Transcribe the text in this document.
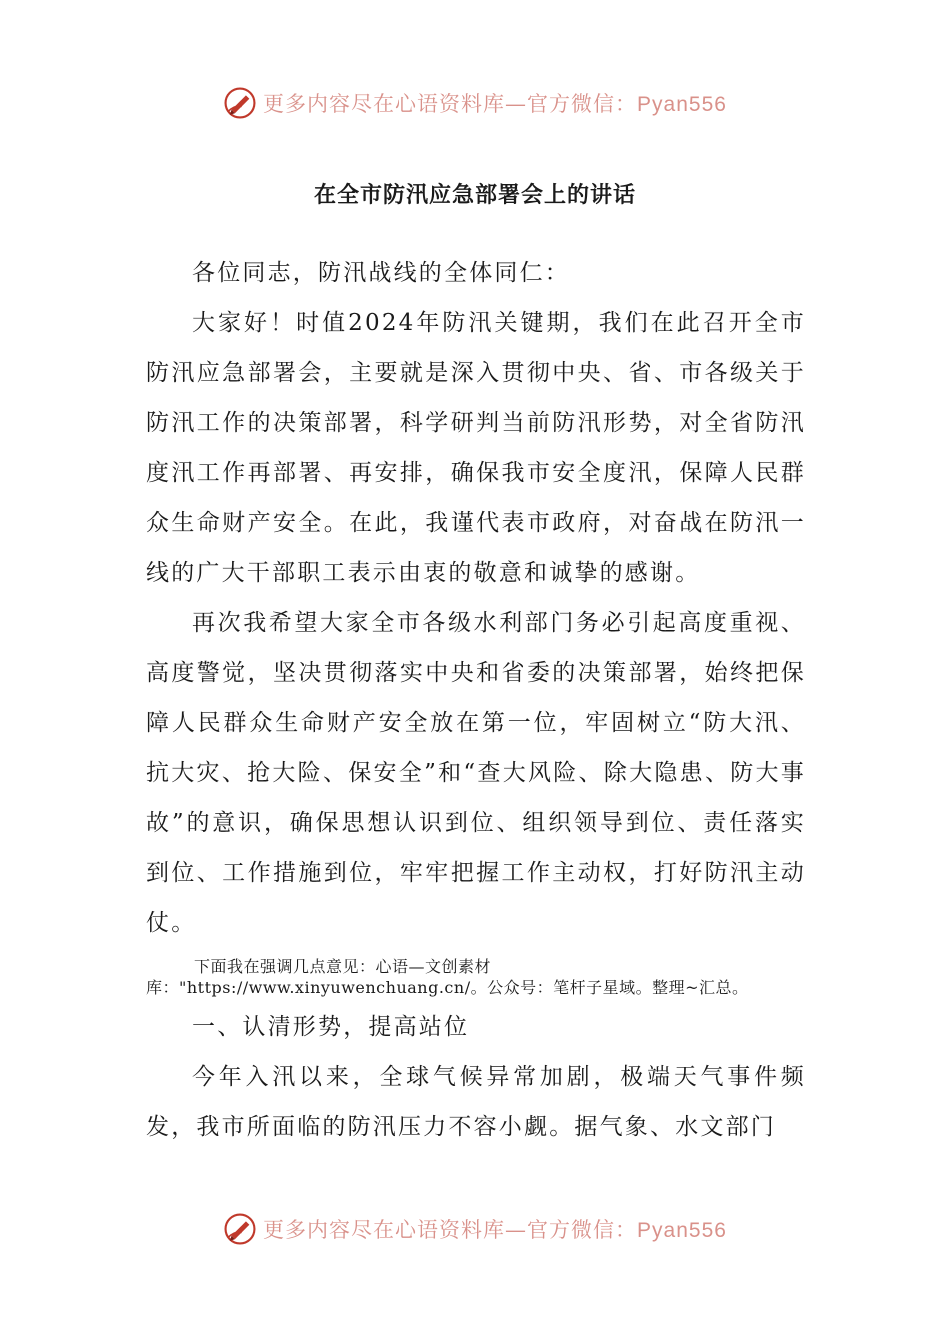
更多内容尽在心语资料库—官方微信：Pyan556
在全市防汛应急部署会上的讲话

各位同志，防汛战线的全体同仁：

大家好！时值2024年防汛关键期，我们在此召开全市防汛应急部署会，主要就是深入贯彻中央、省、市各级关于防汛工作的决策部署，科学研判当前防汛形势，对全省防汛度汛工作再部署、再安排，确保我市安全度汛，保障人民群众生命财产安全。在此，我谨代表市政府，对奋战在防汛一线的广大干部职工表示由衷的敬意和诚挚的感谢。

再次我希望大家全市各级水利部门务必引起高度重视、高度警觉，坚决贯彻落实中央和省委的决策部署，始终把保障人民群众生命财产安全放在第一位，牢固树立“防大汛、抗大灾、抢大险、保安全”和“查大风险、除大隐患、防大事故”的意识，确保思想认识到位、组织领导到位、责任落实到位、工作措施到位，牢牢把握工作主动权，打好防汛主动仗。

下面我在强调几点意见：心语—文创素材库："https://www.xinyuwenchuang.cn/。公众号：笔杆子星域。整理~汇总。

一、认清形势，提高站位

今年入汛以来，全球气候异常加剧，极端天气事件频发，我市所面临的防汛压力不容小觑。据气象、水文部门

更多内容尽在心语资料库—官方微信：Pyan556
